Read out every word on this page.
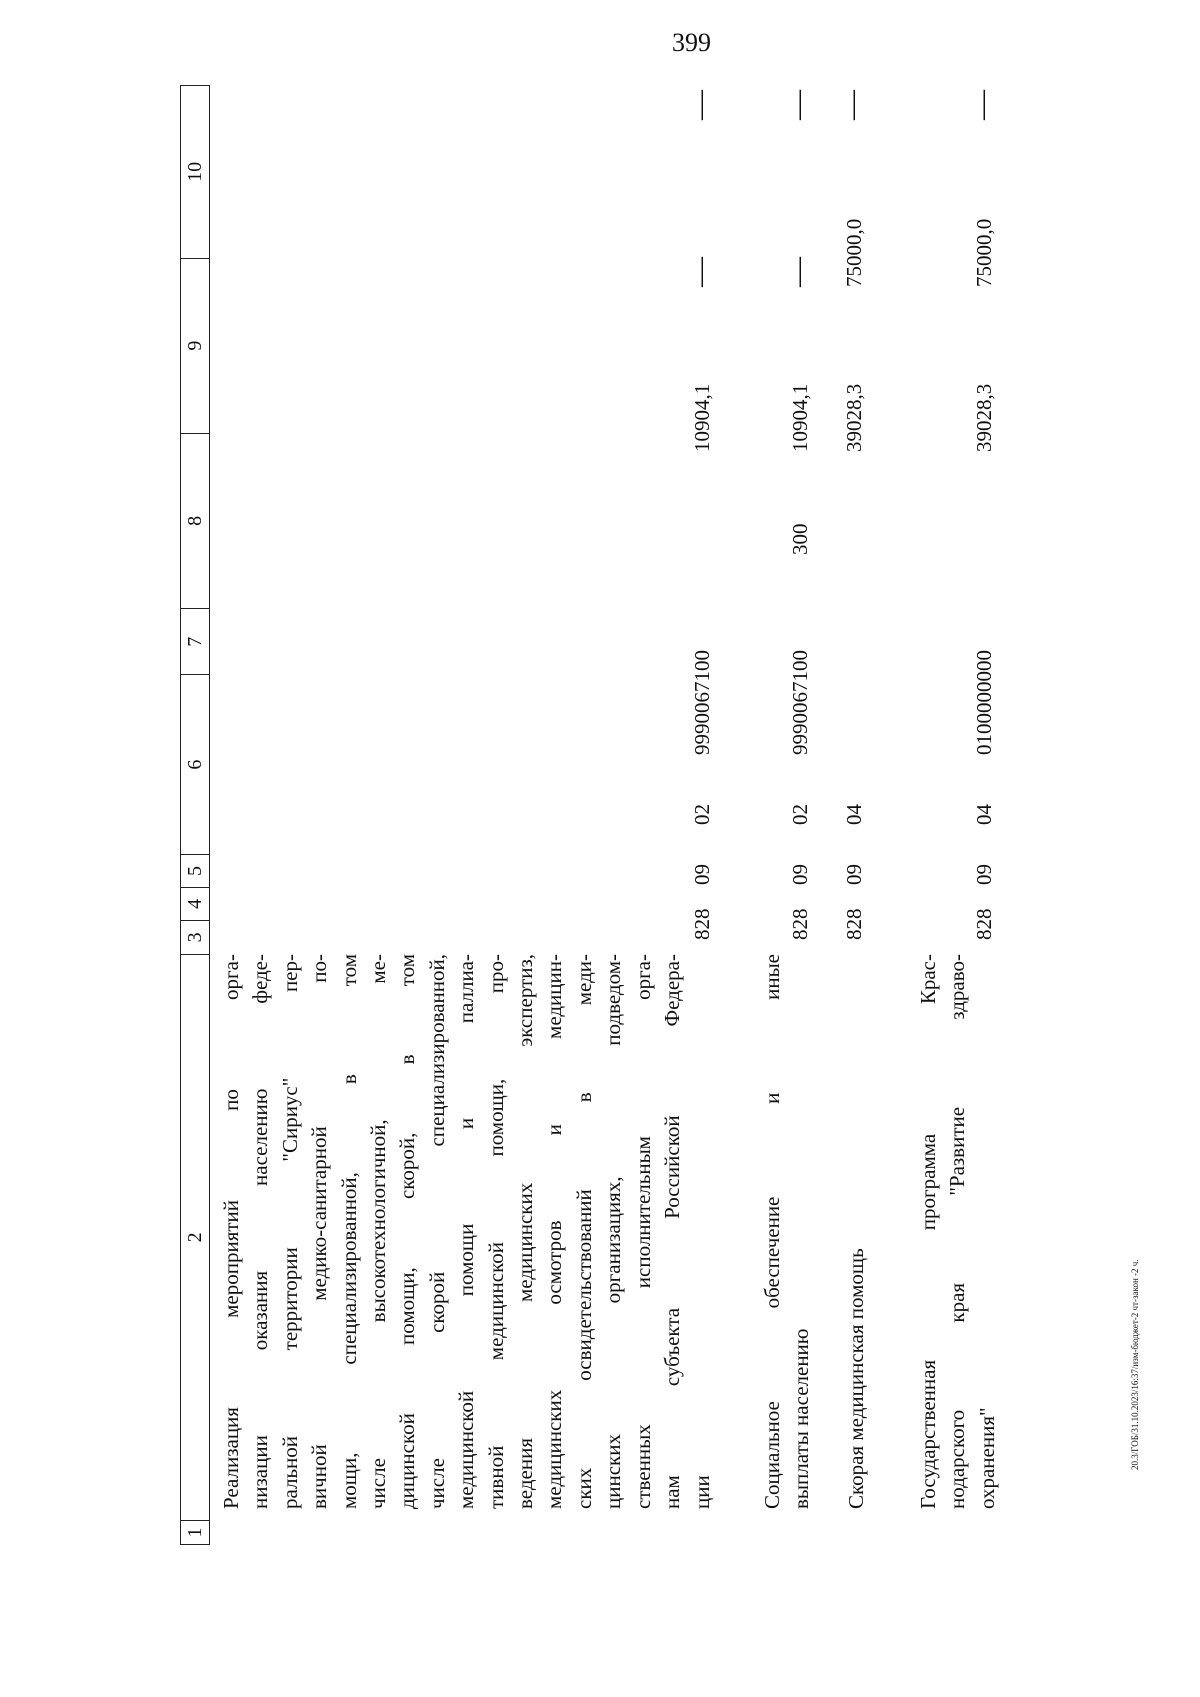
399
20.3/ГОБ/31.10.2023/16:37/изм-бюджет-2 чт-закон -2 ч.
1
2
3
4
5
6
7
8
9
10
Реализация мероприятий по орга- низации оказания населению феде- ральной территории "Сириус" пер- вичной медико-санитарной по- мощи, специализированной, в том числе высокотехнологичной, ме- дицинской помощи, скорой, в том числе скорой специализированной, медицинской помощи и паллиа- тивной медицинской помощи, про- ведения медицинских экспертиз, медицинских осмотров и медицин- ских освидетельствований в меди- цинских организациях, подведом- ственных исполнительным орга- нам субъекта Российской Федера- ции
828
09
02
9990067100
10904,1
—
—
Социальное обеспечение и иные выплаты населению
828
09
02
9990067100
300
10904,1
—
—
Скорая медицинская помощь
828
09
04
39028,3
75000,0
—
Государственная программа Крас- нодарского края "Развитие здраво- охранения"
828
09
04
0100000000
39028,3
75000,0
—
